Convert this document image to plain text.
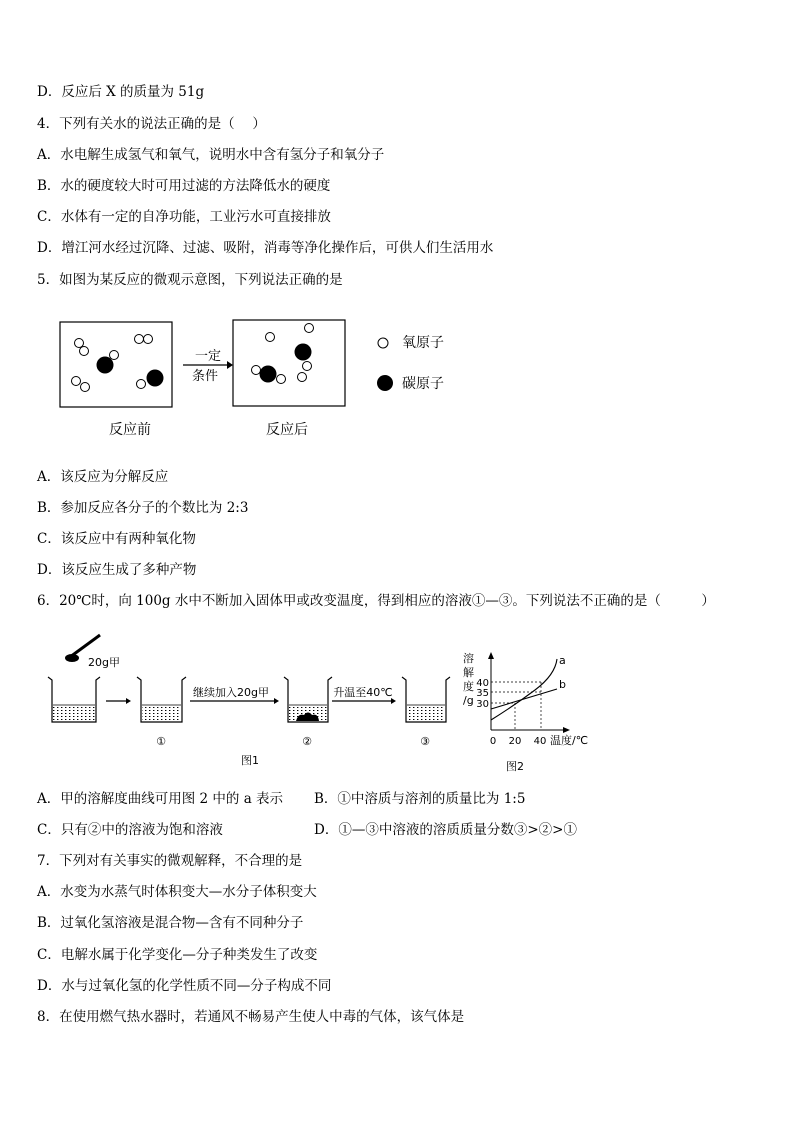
D．反应后 X 的质量为 51g
4．下列有关水的说法正确的是（　 ）
A．水电解生成氢气和氧气，说明水中含有氢分子和氧分子
B．水的硬度较大时可用过滤的方法降低水的硬度
C．水体有一定的自净功能，工业污水可直接排放
D．增江河水经过沉降、过滤、吸附，消毒等净化操作后，可供人们生活用水
5．如图为某反应的微观示意图，下列说法正确的是
一定
条件
反应前	反应后
氧原子
碳原子
A．该反应为分解反应
B．参加反应各分子的个数比为 2:3
C．该反应中有两种氧化物
D．该反应生成了多种产物
6．20℃时，向 100g 水中不断加入固体甲或改变温度，得到相应的溶液①—③。下列说法不正确的是（　　　）
20g甲
①
继续加入20g甲
②
升温至40℃
③
图1
溶
解
度
/g
40
35
30
a
b
0 20 40 温度/℃
图2
A．甲的溶解度曲线可用图 2 中的 a 表示 B．①中溶质与溶剂的质量比为 1:5
C．只有②中的溶液为饱和溶液	D．①—③中溶液的溶质质量分数③>②>①
7．下列对有关事实的微观解释，不合理的是
A．水变为水蒸气时体积变大—水分子体积变大
B．过氧化氢溶液是混合物—含有不同种分子
C．电解水属于化学变化—分子种类发生了改变
D．水与过氧化氢的化学性质不同—分子构成不同
8．在使用燃气热水器时，若通风不畅易产生使人中毒的气体，该气体是
